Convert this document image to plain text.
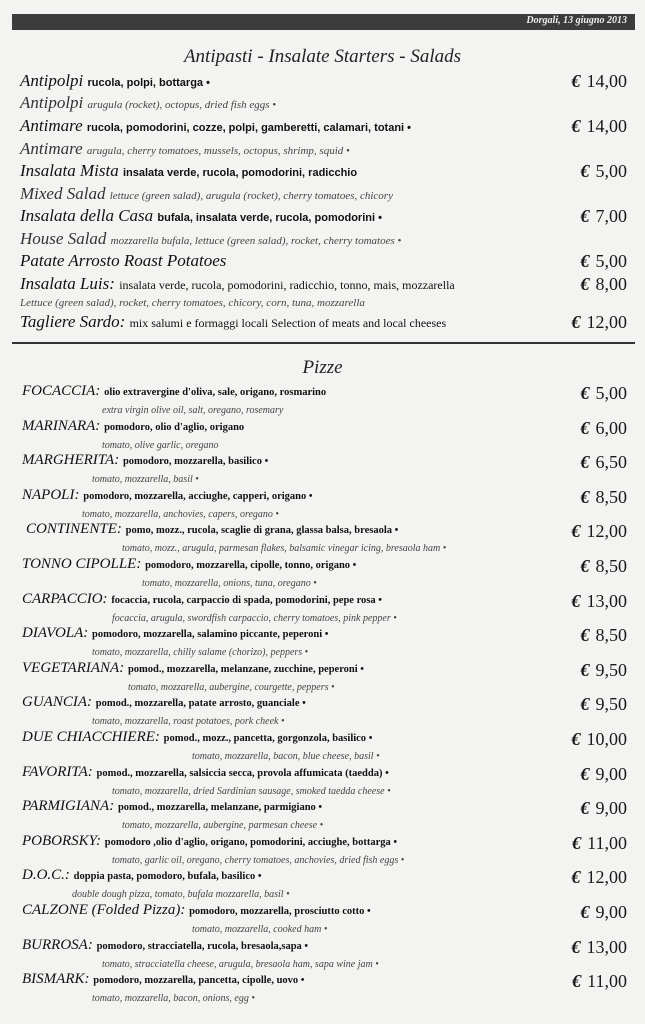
Dorgali, 13 giugno 2013
Antipasti - Insalate Starters - Salads
Antipolpi rucola, polpi, bottarga •	€ 14,00
Antipolpi arugula (rocket), octopus, dried fish eggs •
Antimare rucola, pomodorini, cozze, polpi, gamberetti, calamari, totani •	€ 14,00
Antimare arugula, cherry tomatoes, mussels, octopus, shrimp, squid •
Insalata Mista insalata verde, rucola, pomodorini, radicchio	€ 5,00
Mixed Salad lettuce (green salad), arugula (rocket), cherry tomatoes, chicory
Insalata della Casa bufala, insalata verde, rucola, pomodorini •	€ 7,00
House Salad mozzarella bufala, lettuce (green salad), rocket, cherry tomatoes •
Patate Arrosto Roast Potatoes	€ 5,00
Insalata Luis: insalata verde, rucola, pomodorini, radicchio, tonno, mais, mozzarella	€ 8,00
Lettuce (green salad), rocket, cherry tomatoes, chicory, corn, tuna, mozzarella
Tagliere Sardo: mix salumi e formaggi locali Selection of meats and local cheeses	€ 12,00
Pizze
FOCACCIA: olio extravergine d'oliva, sale, origano, rosmarino	€ 5,00
extra virgin olive oil, salt, oregano, rosemary
MARINARA: pomodoro, olio d'aglio, origano	€ 6,00
tomato, olive garlic, oregano
MARGHERITA: pomodoro, mozzarella, basilico •	€ 6,50
tomato, mozzarella, basil •
NAPOLI: pomodoro, mozzarella, acciughe, capperi, origano •	€ 8,50
tomato, mozzarella, anchovies, capers, oregano •
CONTINENTE: pomo, mozz., rucola, scaglie di grana, glassa balsa, bresaola •	€ 12,00
tomato, mozz., arugula, parmesan flakes, balsamic vinegar icing, bresaola ham •
TONNO CIPOLLE: pomodoro, mozzarella, cipolle, tonno, origano •	€ 8,50
tomato, mozzarella, onions, tuna, oregano •
CARPACCIO: focaccia, rucola, carpaccio di spada, pomodorini, pepe rosa •	€ 13,00
focaccia, arugula, swordfish carpaccio, cherry tomatoes, pink pepper •
DIAVOLA: pomodoro, mozzarella, salamino piccante, peperoni •	€ 8,50
tomato, mozzarella, chilly salame (chorizo), peppers •
VEGETARIANA: pomod., mozzarella, melanzane, zucchine, peperoni •	€ 9,50
tomato, mozzarella, aubergine, courgette, peppers •
GUANCIA: pomod., mozzarella, patate arrosto, guanciale •	€ 9,50
tomato, mozzarella, roast potatoes, pork cheek •
DUE CHIACCHIERE: pomod., mozz., pancetta, gorgonzola, basilico •	€ 10,00
tomato, mozzarella, bacon, blue cheese, basil •
FAVORITA: pomod., mozzarella, salsiccia secca, provola affumicata (taedda) •	€ 9,00
tomato, mozzarella, dried Sardinian sausage, smoked taedda cheese •
PARMIGIANA: pomod., mozzarella, melanzane, parmigiano •	€ 9,00
tomato, mozzarella, aubergine, parmesan cheese •
POBORSKY: pomodoro ,olio d'aglio, origano, pomodorini, acciughe, bottarga •	€ 11,00
tomato, garlic oil, oregano, cherry tomatoes, anchovies, dried fish eggs •
D.O.C.: doppia pasta, pomodoro, bufala, basilico •	€ 12,00
double dough pizza, tomato, bufala mozzarella, basil •
CALZONE (Folded Pizza): pomodoro, mozzarella, prosciutto cotto •	€ 9,00
tomato, mozzarella, cooked ham •
BURROSA: pomodoro, stracciatella, rucola, bresaola,sapa •	€ 13,00
tomato, stracciatella cheese, arugula, bresaola ham, sapa wine jam •
BISMARK: pomodoro, mozzarella, pancetta, cipolle, uovo •	€ 11,00
tomato, mozzarella, bacon, onions, egg •
